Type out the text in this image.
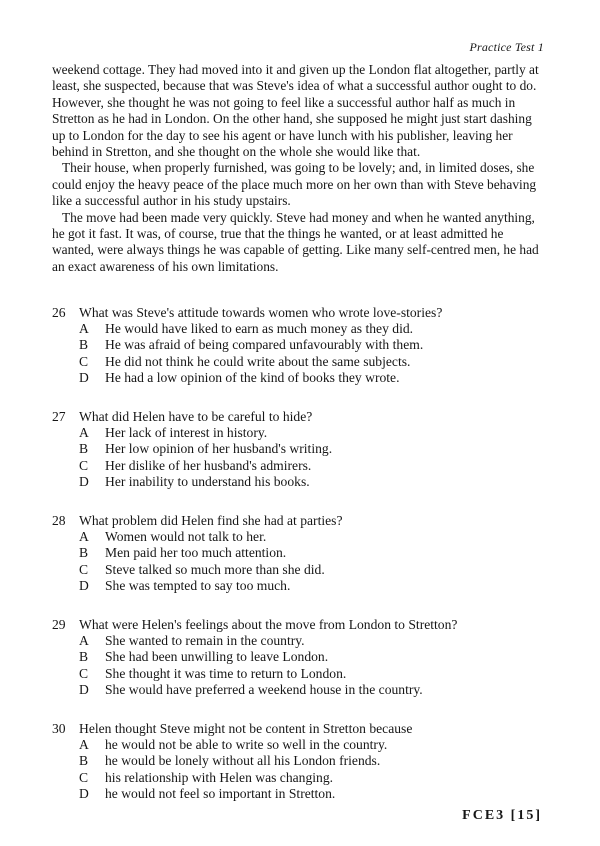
Practice Test 1

weekend cottage. They had moved into it and given up the London flat altogether, partly at least, she suspected, because that was Steve's idea of what a successful author ought to do. However, she thought he was not going to feel like a successful author half as much in Stretton as he had in London. On the other hand, she supposed he might just start dashing up to London for the day to see his agent or have lunch with his publisher, leaving her behind in Stretton, and she thought on the whole she would like that.

Their house, when properly furnished, was going to be lovely; and, in limited doses, she could enjoy the heavy peace of the place much more on her own than with Steve behaving like a successful author in his study upstairs.

The move had been made very quickly. Steve had money and when he wanted anything, he got it fast. It was, of course, true that the things he wanted, or at least admitted he wanted, were always things he was capable of getting. Like many self-centred men, he had an exact awareness of his own limitations.

26 What was Steve's attitude towards women who wrote love-stories?
A	He would have liked to earn as much money as they did.
B	He was afraid of being compared unfavourably with them.
C	He did not think he could write about the same subjects.
D	He had a low opinion of the kind of books they wrote.
27 What did Helen have to be careful to hide?
A	Her lack of interest in history.
B	Her low opinion of her husband's writing.
C	Her dislike of her husband's admirers.
D	Her inability to understand his books.
28 What problem did Helen find she had at parties?
A	Women would not talk to her.
B	Men paid her too much attention.
C	Steve talked so much more than she did.
D	She was tempted to say too much.
29 What were Helen's feelings about the move from London to Stretton?
A	She wanted to remain in the country.
B	She had been unwilling to leave London.
C	She thought it was time to return to London.
D	She would have preferred a weekend house in the country.
30 Helen thought Steve might not be content in Stretton because
A	he would not be able to write so well in the country.
B	he would be lonely without all his London friends.
C	his relationship with Helen was changing.
D	he would not feel so important in Stretton.
FCE3 [15]
